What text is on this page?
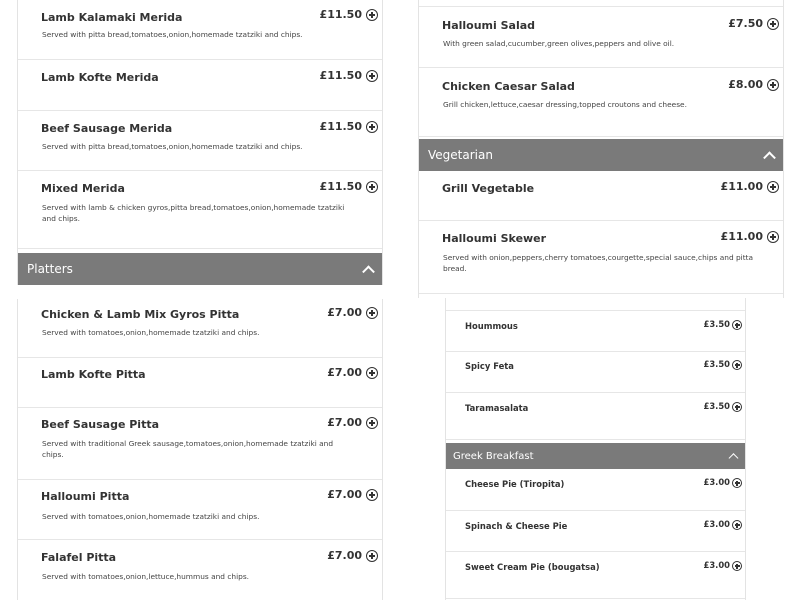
Lamb Kalamaki Merida	£11.50
Served with pitta bread,tomatoes,onion,homemade tzatziki and chips.
Lamb Kofte Merida	£11.50
Beef Sausage Merida	£11.50
Served with pitta bread,tomatoes,onion,homemade tzatziki and chips.
Mixed Merida	£11.50
Served with lamb & chicken gyros,pitta bread,tomatoes,onion,homemade tzatziki and chips.
Platters
Chicken & Lamb Mix Gyros Pitta	£7.00
Served with tomatoes,onion,homemade tzatziki and chips.
Lamb Kofte Pitta	£7.00
Beef Sausage Pitta	£7.00
Served with traditional Greek sausage,tomatoes,onion,homemade tzatziki and chips.
Halloumi Pitta	£7.00
Served with tomatoes,onion,homemade tzatziki and chips.
Falafel Pitta	£7.00
Served with tomatoes,onion,lettuce,hummus and chips.
Halloumi Salad	£7.50
With green salad,cucumber,green olives,peppers and olive oil.
Chicken Caesar Salad	£8.00
Grill chicken,lettuce,caesar dressing,topped croutons and cheese.
Vegetarian
Grill Vegetable	£11.00
Halloumi Skewer	£11.00
Served with onion,peppers,cherry tomatoes,courgette,special sauce,chips and pitta bread.
Hoummous	£3.50
Spicy Feta	£3.50
Taramasalata	£3.50
Greek Breakfast
Cheese Pie (Tiropita)	£3.00
Spinach & Cheese Pie	£3.00
Sweet Cream Pie (bougatsa)	£3.00
